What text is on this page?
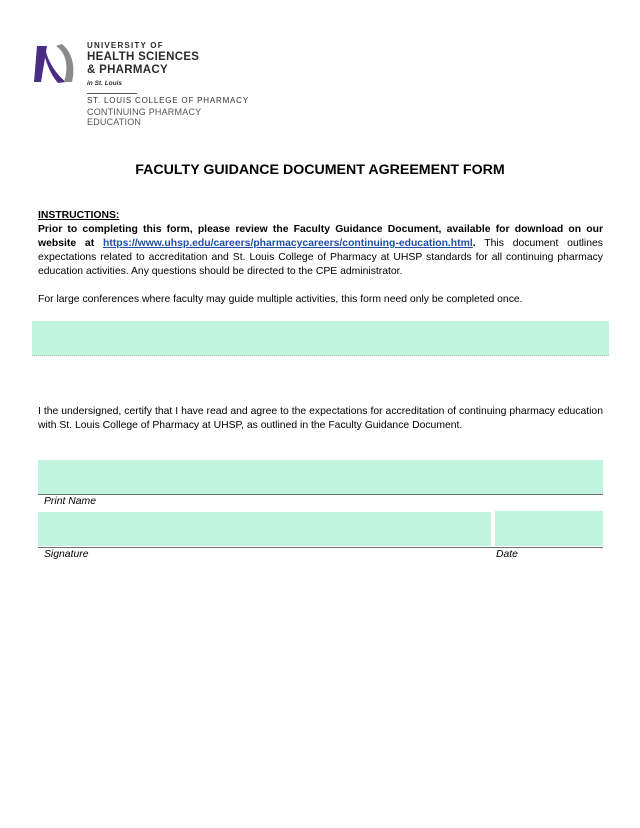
UNIVERSITY OF
HEALTH SCIENCES
& PHARMACY
in St. Louis
ST. LOUIS COLLEGE OF PHARMACY
CONTINUING PHARMACY EDUCATION
FACULTY GUIDANCE DOCUMENT AGREEMENT FORM
INSTRUCTIONS:
Prior to completing this form, please review the Faculty Guidance Document, available for download on our website at https://www.uhsp.edu/careers/pharmacycareers/continuing-education.html. This document outlines expectations related to accreditation and St. Louis College of Pharmacy at UHSP standards for all continuing pharmacy education activities. Any questions should be directed to the CPE administrator.
For large conferences where faculty may guide multiple activities, this form need only be completed once.
I the undersigned, certify that I have read and agree to the expectations for accreditation of continuing pharmacy education with St. Louis College of Pharmacy at UHSP, as outlined in the Faculty Guidance Document.
Print Name
Signature	Date
